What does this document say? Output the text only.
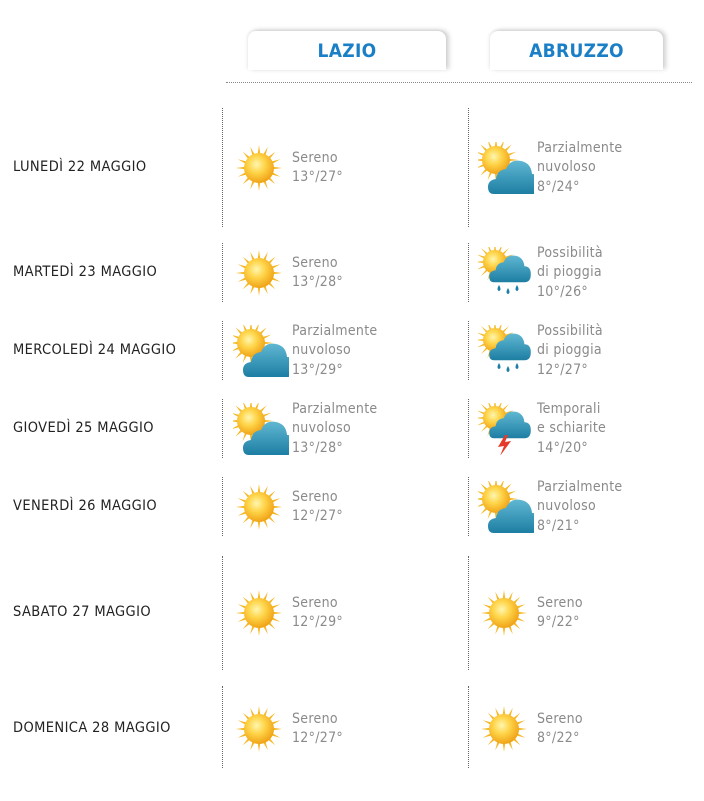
LAZIO	ABRUZZO
LUNEDÌ 22 MAGGIO
Sereno
13°/27°
Parzialmente
nuvoloso
8°/24°
MARTEDÌ 23 MAGGIO
Sereno
13°/28°
Possibilità
di pioggia
10°/26°
MERCOLEDÌ 24 MAGGIO
Parzialmente
nuvoloso
13°/29°
Possibilità
di pioggia
12°/27°
GIOVEDÌ 25 MAGGIO
Parzialmente
nuvoloso
13°/28°
Temporali
e schiarite
14°/20°
VENERDÌ 26 MAGGIO
Sereno
12°/27°
Parzialmente
nuvoloso
8°/21°
SABATO 27 MAGGIO
Sereno
12°/29°
Sereno
9°/22°
DOMENICA 28 MAGGIO
Sereno
12°/27°
Sereno
8°/22°
